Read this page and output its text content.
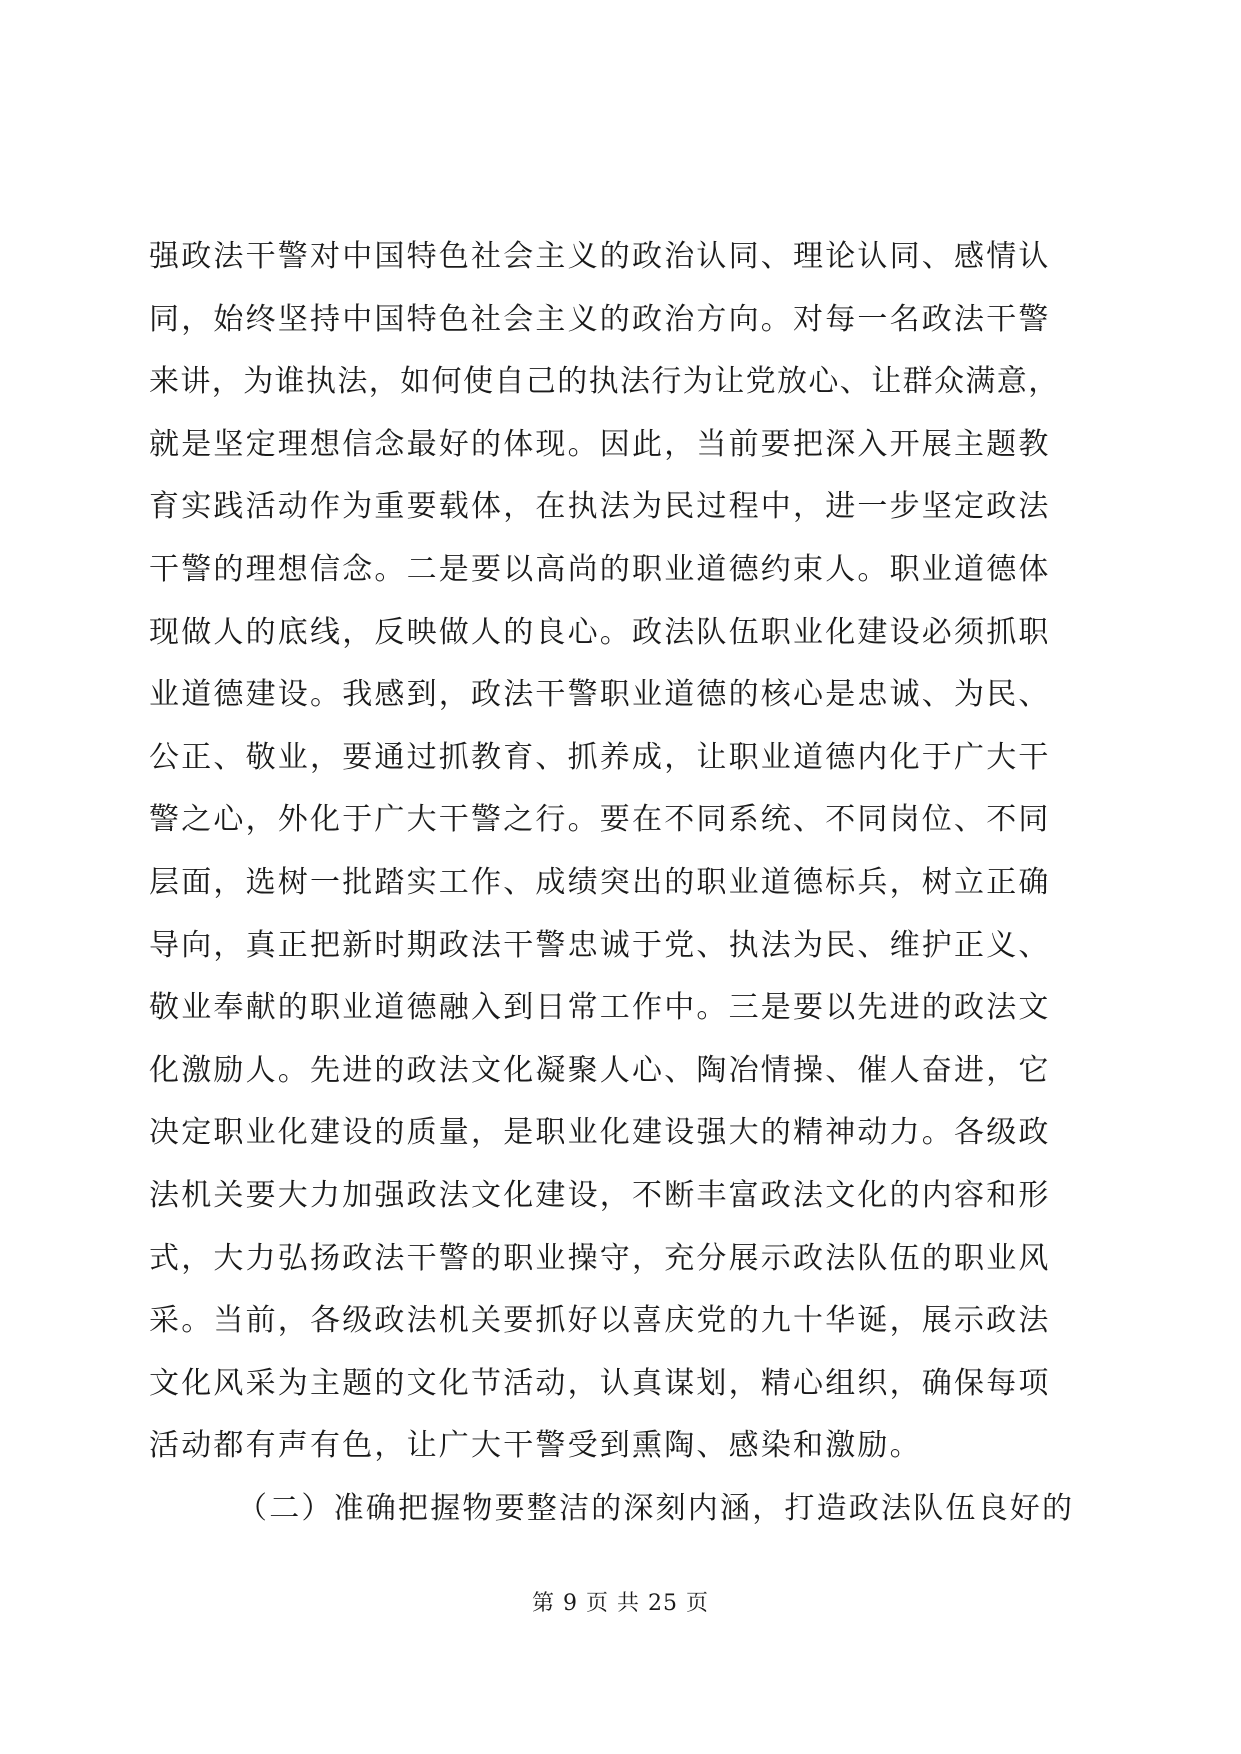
强政法干警对中国特色社会主义的政治认同、理论认同、感情认

同，始终坚持中国特色社会主义的政治方向。对每一名政法干警

来讲，为谁执法，如何使自己的执法行为让党放心、让群众满意，

就是坚定理想信念最好的体现。因此，当前要把深入开展主题教

育实践活动作为重要载体，在执法为民过程中，进一步坚定政法

干警的理想信念。二是要以高尚的职业道德约束人。职业道德体

现做人的底线，反映做人的良心。政法队伍职业化建设必须抓职

业道德建设。我感到，政法干警职业道德的核心是忠诚、为民、

公正、敬业，要通过抓教育、抓养成，让职业道德内化于广大干

警之心，外化于广大干警之行。要在不同系统、不同岗位、不同

层面，选树一批踏实工作、成绩突出的职业道德标兵，树立正确

导向，真正把新时期政法干警忠诚于党、执法为民、维护正义、

敬业奉献的职业道德融入到日常工作中。三是要以先进的政法文

化激励人。先进的政法文化凝聚人心、陶冶情操、催人奋进，它

决定职业化建设的质量，是职业化建设强大的精神动力。各级政

法机关要大力加强政法文化建设，不断丰富政法文化的内容和形

式，大力弘扬政法干警的职业操守，充分展示政法队伍的职业风

采。当前，各级政法机关要抓好以喜庆党的九十华诞，展示政法

文化风采为主题的文化节活动，认真谋划，精心组织，确保每项

活动都有声有色，让广大干警受到熏陶、感染和激励。

（二）准确把握物要整洁的深刻内涵，打造政法队伍良好的

第 9 页 共 25 页
